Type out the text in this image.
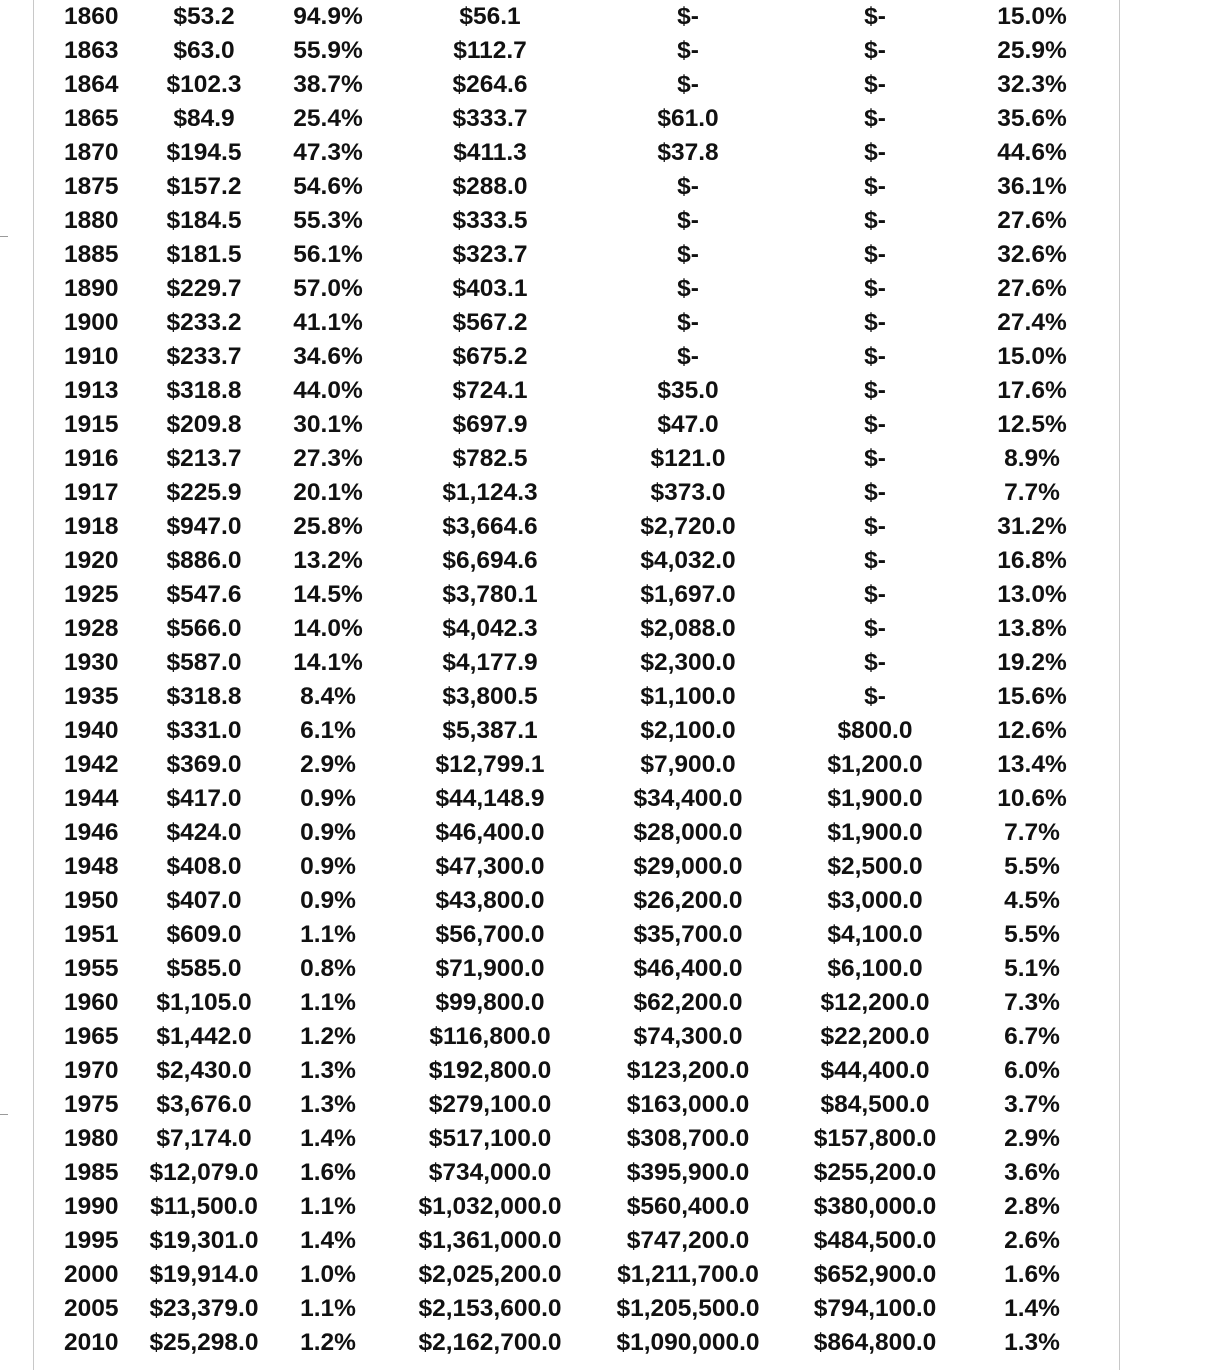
1860	$53.2	94.9%	$56.1	$-	$-	15.0%
1863	$63.0	55.9%	$112.7	$-	$-	25.9%
1864	$102.3	38.7%	$264.6	$-	$-	32.3%
1865	$84.9	25.4%	$333.7	$61.0	$-	35.6%
1870	$194.5	47.3%	$411.3	$37.8	$-	44.6%
1875	$157.2	54.6%	$288.0	$-	$-	36.1%
1880	$184.5	55.3%	$333.5	$-	$-	27.6%
1885	$181.5	56.1%	$323.7	$-	$-	32.6%
1890	$229.7	57.0%	$403.1	$-	$-	27.6%
1900	$233.2	41.1%	$567.2	$-	$-	27.4%
1910	$233.7	34.6%	$675.2	$-	$-	15.0%
1913	$318.8	44.0%	$724.1	$35.0	$-	17.6%
1915	$209.8	30.1%	$697.9	$47.0	$-	12.5%
1916	$213.7	27.3%	$782.5	$121.0	$-	8.9%
1917	$225.9	20.1%	$1,124.3	$373.0	$-	7.7%
1918	$947.0	25.8%	$3,664.6	$2,720.0	$-	31.2%
1920	$886.0	13.2%	$6,694.6	$4,032.0	$-	16.8%
1925	$547.6	14.5%	$3,780.1	$1,697.0	$-	13.0%
1928	$566.0	14.0%	$4,042.3	$2,088.0	$-	13.8%
1930	$587.0	14.1%	$4,177.9	$2,300.0	$-	19.2%
1935	$318.8	8.4%	$3,800.5	$1,100.0	$-	15.6%
1940	$331.0	6.1%	$5,387.1	$2,100.0	$800.0	12.6%
1942	$369.0	2.9%	$12,799.1	$7,900.0	$1,200.0	13.4%
1944	$417.0	0.9%	$44,148.9	$34,400.0	$1,900.0	10.6%
1946	$424.0	0.9%	$46,400.0	$28,000.0	$1,900.0	7.7%
1948	$408.0	0.9%	$47,300.0	$29,000.0	$2,500.0	5.5%
1950	$407.0	0.9%	$43,800.0	$26,200.0	$3,000.0	4.5%
1951	$609.0	1.1%	$56,700.0	$35,700.0	$4,100.0	5.5%
1955	$585.0	0.8%	$71,900.0	$46,400.0	$6,100.0	5.1%
1960	$1,105.0	1.1%	$99,800.0	$62,200.0	$12,200.0	7.3%
1965	$1,442.0	1.2%	$116,800.0	$74,300.0	$22,200.0	6.7%
1970	$2,430.0	1.3%	$192,800.0	$123,200.0	$44,400.0	6.0%
1975	$3,676.0	1.3%	$279,100.0	$163,000.0	$84,500.0	3.7%
1980	$7,174.0	1.4%	$517,100.0	$308,700.0	$157,800.0	2.9%
1985	$12,079.0	1.6%	$734,000.0	$395,900.0	$255,200.0	3.6%
1990	$11,500.0	1.1%	$1,032,000.0	$560,400.0	$380,000.0	2.8%
1995	$19,301.0	1.4%	$1,361,000.0	$747,200.0	$484,500.0	2.6%
2000	$19,914.0	1.0%	$2,025,200.0	$1,211,700.0	$652,900.0	1.6%
2005	$23,379.0	1.1%	$2,153,600.0	$1,205,500.0	$794,100.0	1.4%
2010	$25,298.0	1.2%	$2,162,700.0	$1,090,000.0	$864,800.0	1.3%
